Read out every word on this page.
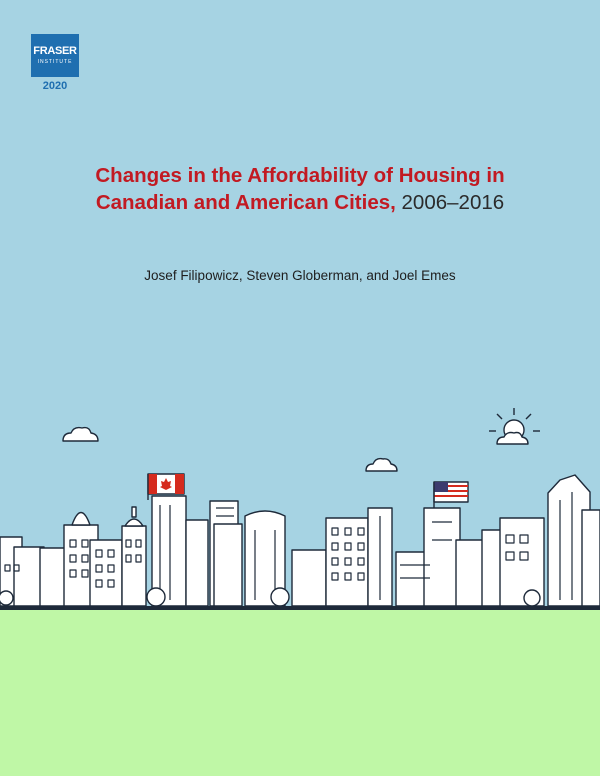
FRASER
INSTITUTE
2020
Changes in the Affordability of Housing in
Canadian and American Cities, 2006–2016
Josef Filipowicz, Steven Globerman, and Joel Emes
